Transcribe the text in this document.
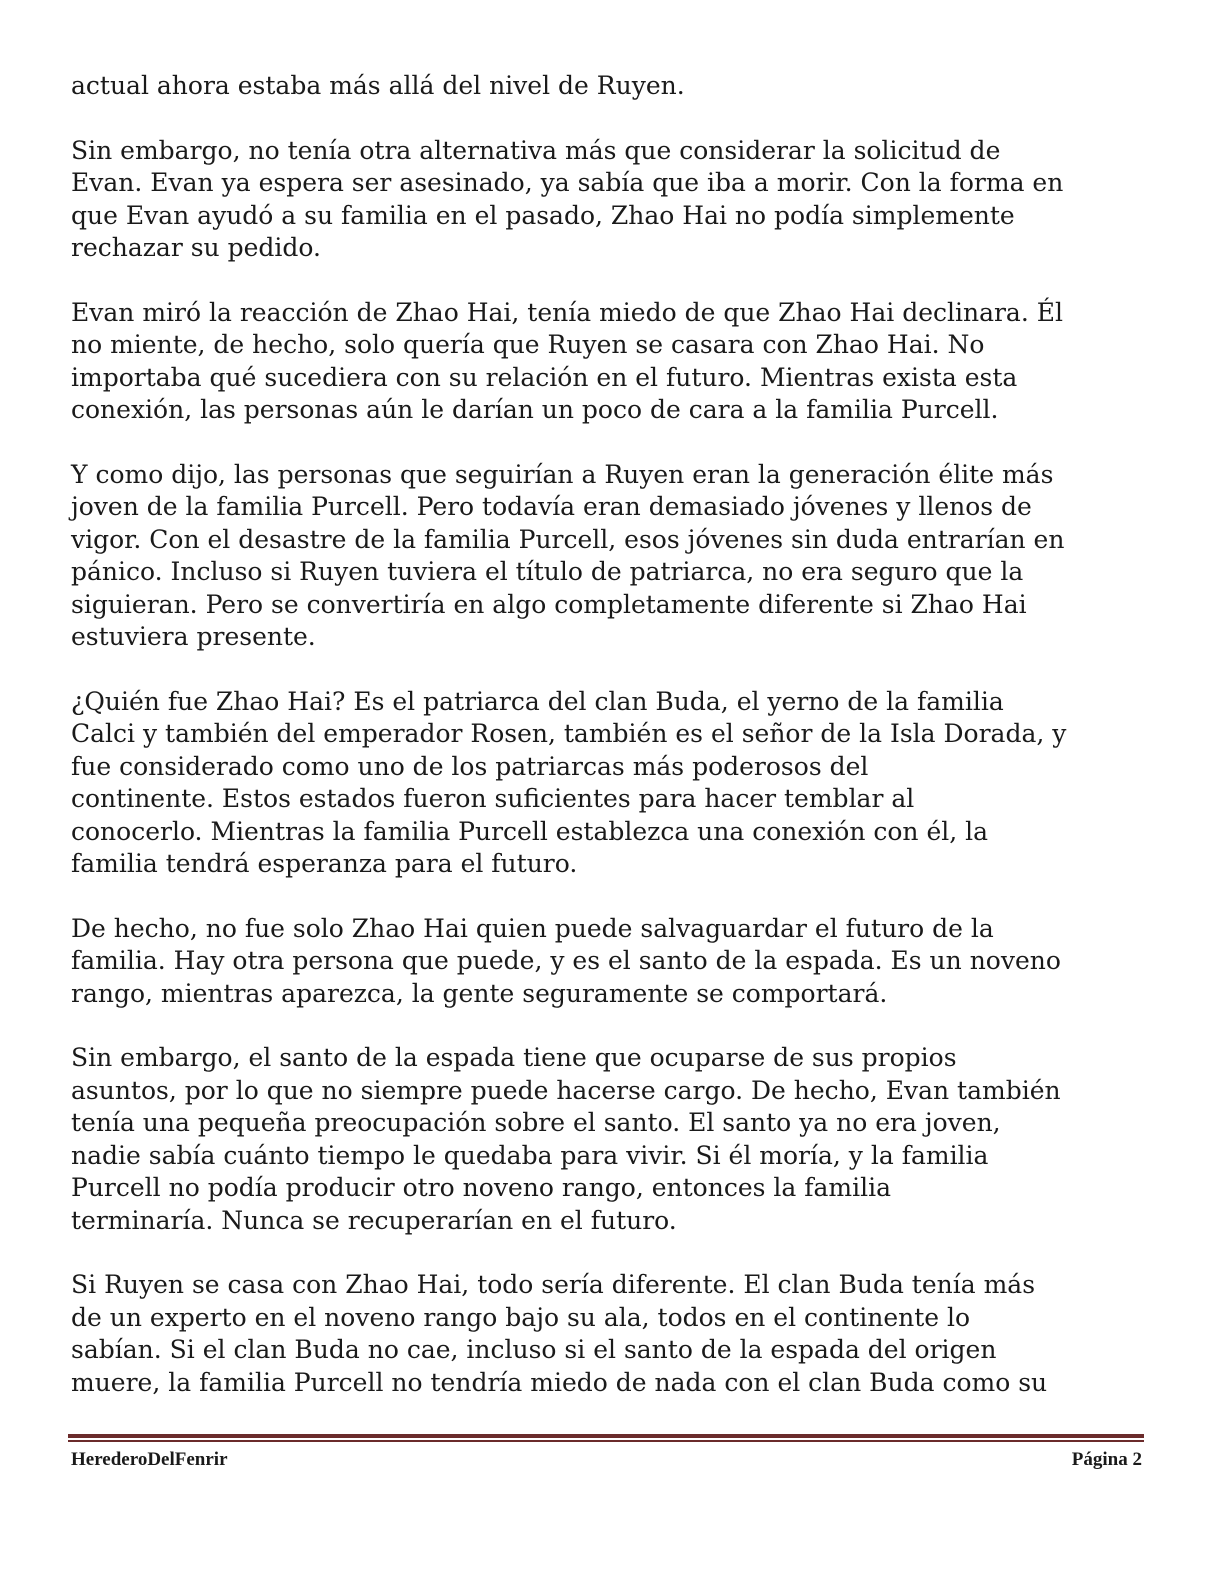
actual ahora estaba más allá del nivel de Ruyen.

Sin embargo, no tenía otra alternativa más que considerar la solicitud de
Evan. Evan ya espera ser asesinado, ya sabía que iba a morir. Con la forma en
que Evan ayudó a su familia en el pasado, Zhao Hai no podía simplemente
rechazar su pedido.

Evan miró la reacción de Zhao Hai, tenía miedo de que Zhao Hai declinara. Él
no miente, de hecho, solo quería que Ruyen se casara con Zhao Hai. No
importaba qué sucediera con su relación en el futuro. Mientras exista esta
conexión, las personas aún le darían un poco de cara a la familia Purcell.

Y como dijo, las personas que seguirían a Ruyen eran la generación élite más
joven de la familia Purcell. Pero todavía eran demasiado jóvenes y llenos de
vigor. Con el desastre de la familia Purcell, esos jóvenes sin duda entrarían en
pánico. Incluso si Ruyen tuviera el título de patriarca, no era seguro que la
siguieran. Pero se convertiría en algo completamente diferente si Zhao Hai
estuviera presente.

¿Quién fue Zhao Hai? Es el patriarca del clan Buda, el yerno de la familia
Calci y también del emperador Rosen, también es el señor de la Isla Dorada, y
fue considerado como uno de los patriarcas más poderosos del
continente. Estos estados fueron suficientes para hacer temblar al
conocerlo. Mientras la familia Purcell establezca una conexión con él, la
familia tendrá esperanza para el futuro.

De hecho, no fue solo Zhao Hai quien puede salvaguardar el futuro de la
familia. Hay otra persona que puede, y es el santo de la espada. Es un noveno
rango, mientras aparezca, la gente seguramente se comportará.

Sin embargo, el santo de la espada tiene que ocuparse de sus propios
asuntos, por lo que no siempre puede hacerse cargo. De hecho, Evan también
tenía una pequeña preocupación sobre el santo. El santo ya no era joven,
nadie sabía cuánto tiempo le quedaba para vivir. Si él moría, y la familia
Purcell no podía producir otro noveno rango, entonces la familia
terminaría. Nunca se recuperarían en el futuro.

Si Ruyen se casa con Zhao Hai, todo sería diferente. El clan Buda tenía más
de un experto en el noveno rango bajo su ala, todos en el continente lo
sabían. Si el clan Buda no cae, incluso si el santo de la espada del origen
muere, la familia Purcell no tendría miedo de nada con el clan Buda como su

HerederoDelFenrir	Página 2
